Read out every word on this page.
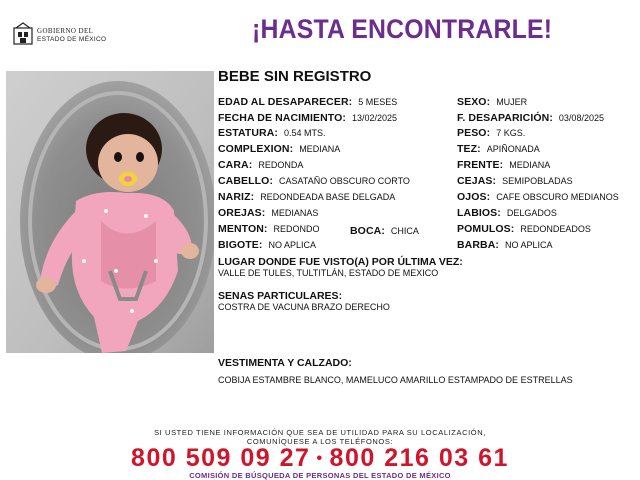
GOBIERNO DEL
ESTADO DE MÉXICO	¡HASTA ENCONTRARLE!
BEBE SIN REGISTRO
EDAD AL DESAPARECER: 5 MESES
FECHA DE NACIMIENTO: 13/02/2025
ESTATURA: 0.54 MTS.
COMPLEXION: MEDIANA
CARA: REDONDA
CABELLO: CASATAÑO OBSCURO CORTO
NARIZ: REDONDEADA BASE DELGADA
OREJAS: MEDIANAS
MENTON: REDONDO
BIGOTE: NO APLICA
BOCA: CHICA
SEXO: MUJER
F. DESAPARICIÓN: 03/08/2025
PESO: 7 KGS.
TEZ: APIÑONADA
FRENTE: MEDIANA
CEJAS: SEMIPOBLADAS
OJOS: CAFE OBSCURO MEDIANOS
LABIOS: DELGADOS
POMULOS: REDONDEADOS
BARBA: NO APLICA
LUGAR DONDE FUE VISTO(A) POR ÚLTIMA VEZ:
VALLE DE TULES, TULTITLÁN, ESTADO DE MEXICO
SENAS PARTICULARES:
COSTRA DE VACUNA BRAZO DERECHO
VESTIMENTA Y CALZADO:
COBIJA ESTAMBRE BLANCO, MAMELUCO AMARILLO ESTAMPADO DE ESTRELLAS
SI USTED TIENE INFORMACIÓN QUE SEA DE UTILIDAD PARA SU LOCALIZACIÓN,
COMUNÍQUESE A LOS TELÉFONOS:
800 509 09 27 • 800 216 03 61
COMISIÓN DE BÚSQUEDA DE PERSONAS DEL ESTADO DE MÉXICO
